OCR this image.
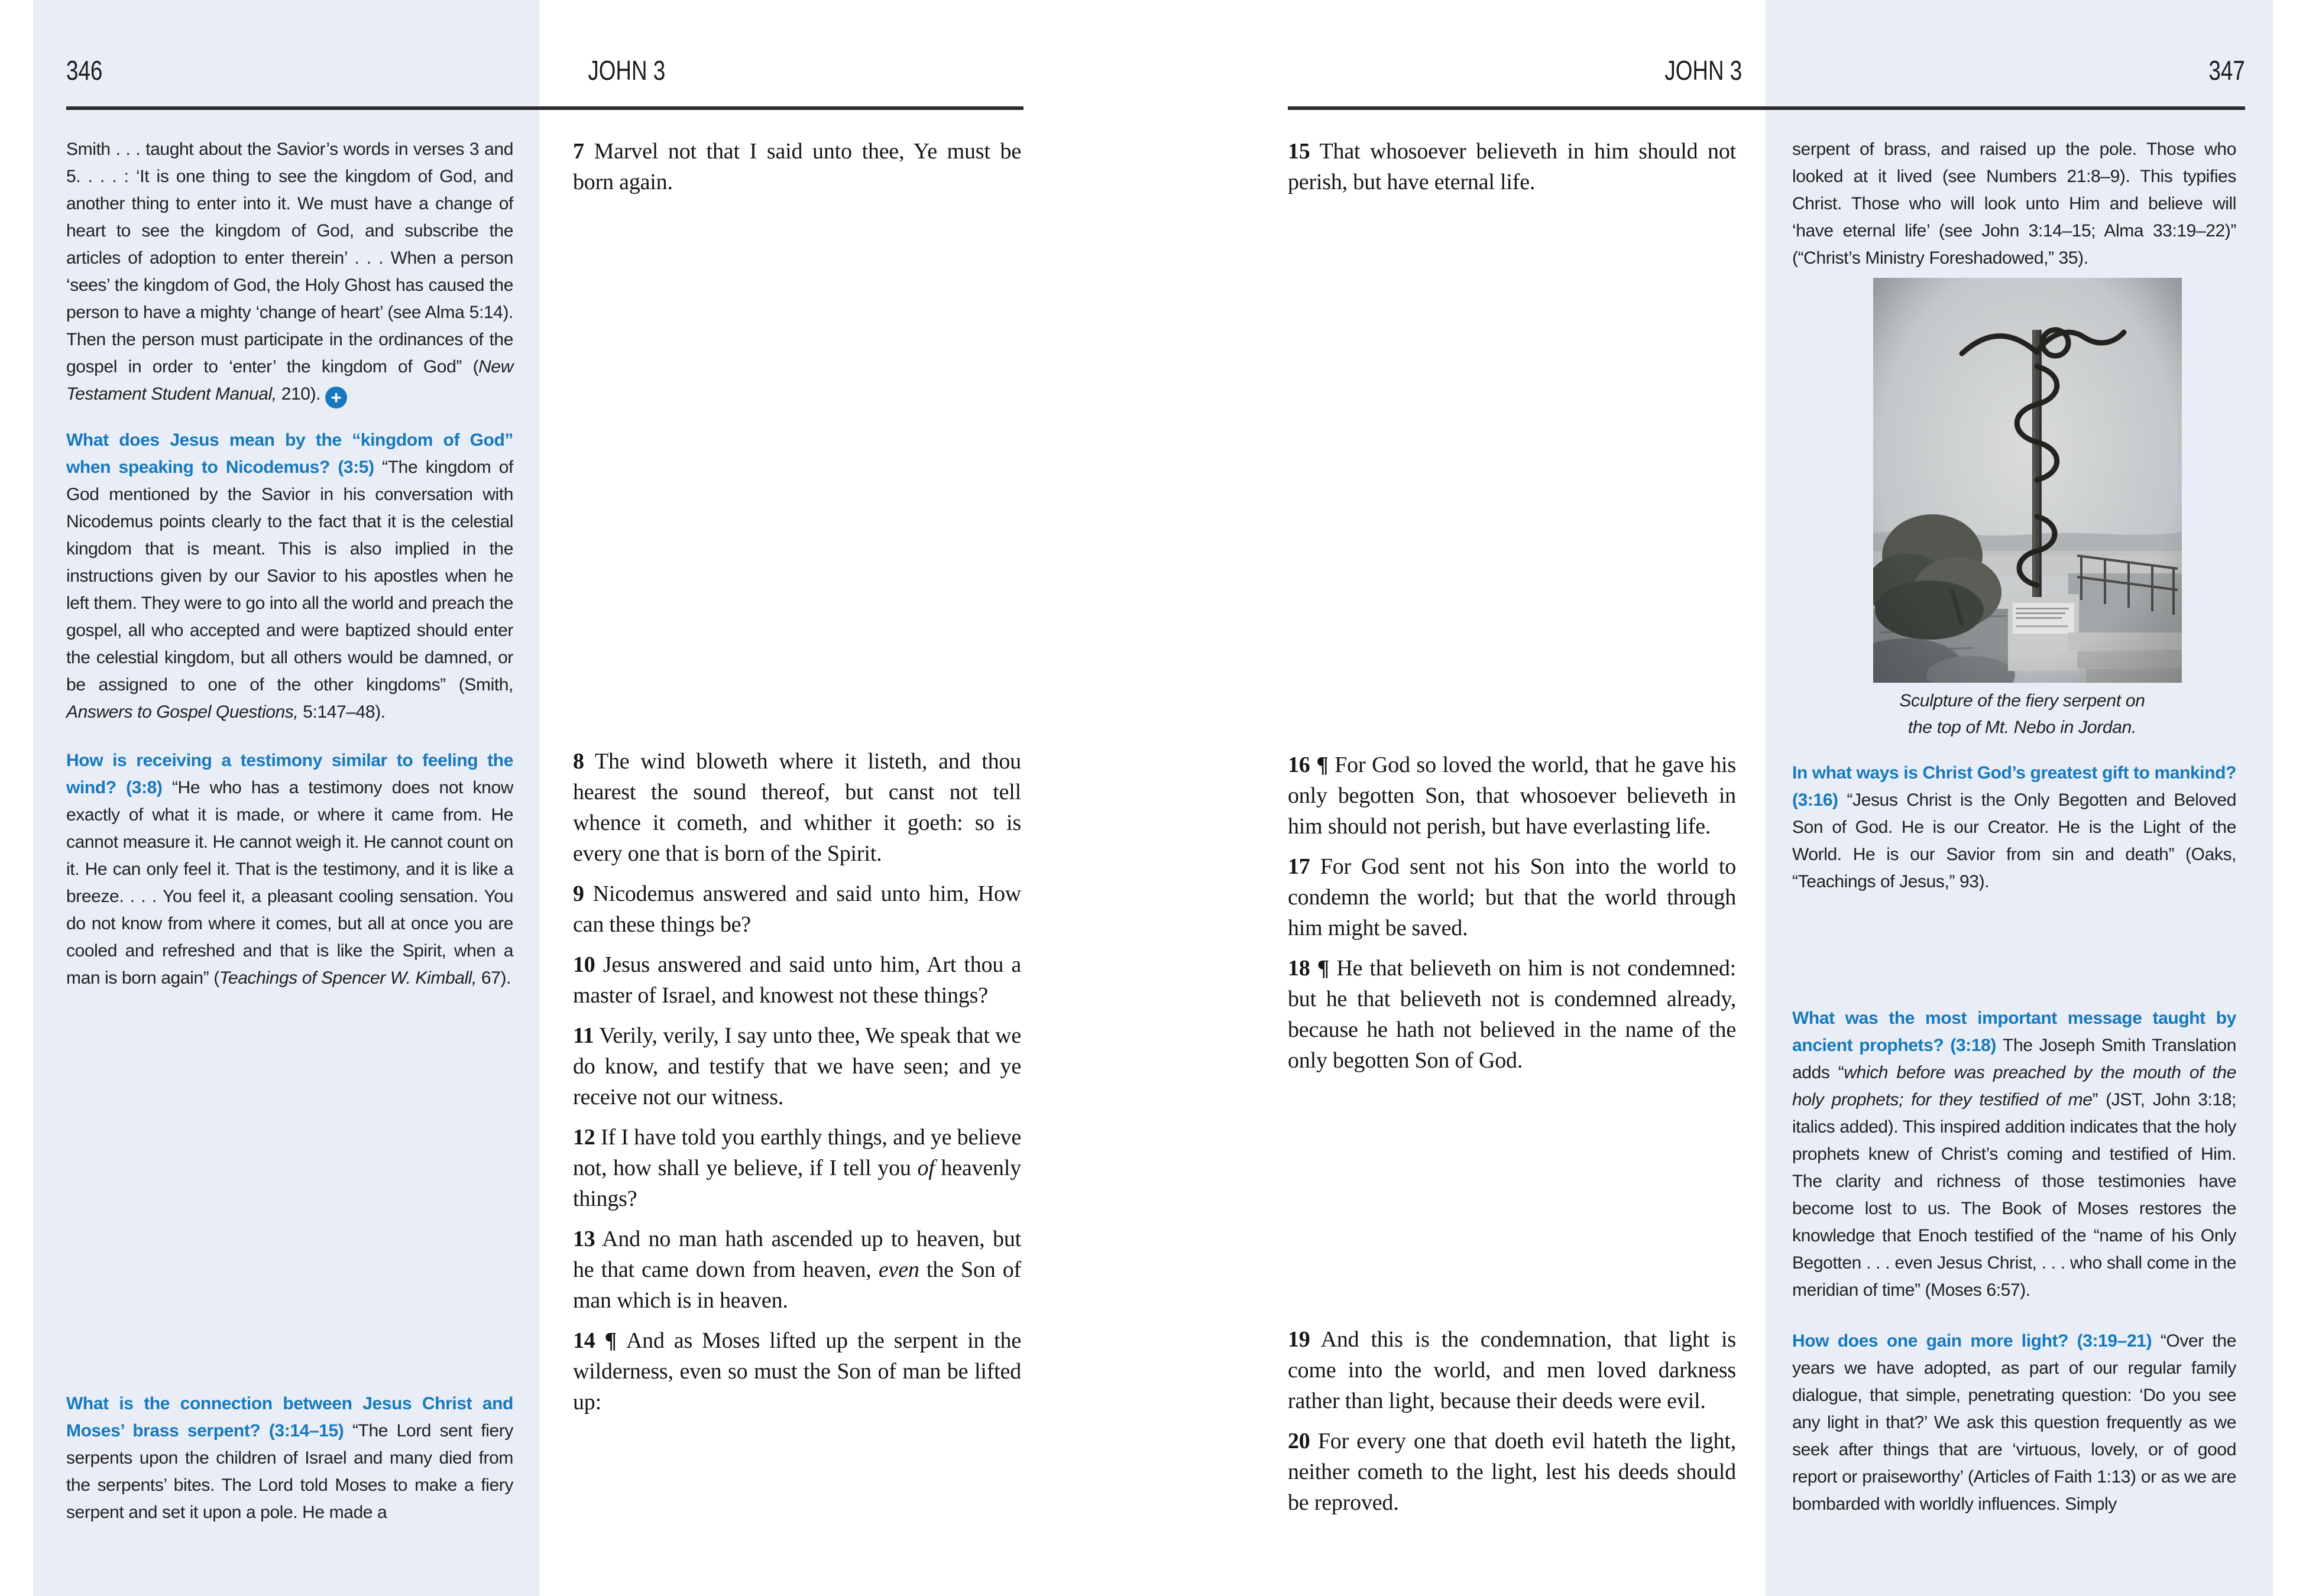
346	JOHN 3	JOHN 3	347
Smith . . . taught about the Savior’s words in verses 3 and 5. . . . : ‘It is one thing to see the kingdom of God, and another thing to enter into it. We must have a change of heart to see the kingdom of God, and subscribe the articles of adoption to enter therein’ . . . When a person ‘sees’ the kingdom of God, the Holy Ghost has caused the person to have a mighty ‘change of heart’ (see Alma 5:14). Then the person must participate in the ordinances of the gospel in order to ‘enter’ the kingdom of God” (New Testament Student Manual, 210). +
What does Jesus mean by the “kingdom of God” when speaking to Nicodemus? (3:5) “The kingdom of God mentioned by the Savior in his conversation with Nicodemus points clearly to the fact that it is the celestial kingdom that is meant. This is also implied in the instructions given by our Savior to his apostles when he left them. They were to go into all the world and preach the gospel, all who accepted and were baptized should enter the celestial kingdom, but all others would be damned, or be assigned to one of the other kingdoms” (Smith, Answers to Gospel Questions, 5:147–48).
How is receiving a testimony similar to feeling the wind? (3:8) “He who has a testimony does not know exactly of what it is made, or where it came from. He cannot measure it. He cannot weigh it. He cannot count on it. He can only feel it. That is the testimony, and it is like a breeze. . . . You feel it, a pleasant cooling sensation. You do not know from where it comes, but all at once you are cooled and refreshed and that is like the Spirit, when a man is born again” (Teachings of Spencer W. Kimball, 67).
What is the connection between Jesus Christ and Moses’ brass serpent? (3:14–15) “The Lord sent fiery serpents upon the children of Israel and many died from the serpents’ bites. The Lord told Moses to make a fiery serpent and set it upon a pole. He made a

7 Marvel not that I said unto thee, Ye must be born again.

8 The wind bloweth where it listeth, and thou hearest the sound thereof, but canst not tell whence it cometh, and whither it goeth: so is every one that is born of the Spirit.

9 Nicodemus answered and said unto him, How can these things be?

10 Jesus answered and said unto him, Art thou a master of Israel, and knowest not these things?

11 Verily, verily, I say unto thee, We speak that we do know, and testify that we have seen; and ye receive not our witness.

12 If I have told you earthly things, and ye believe not, how shall ye believe, if I tell you of heavenly things?

13 And no man hath ascended up to heaven, but he that came down from heaven, even the Son of man which is in heaven.

14 ¶ And as Moses lifted up the serpent in the wilderness, even so must the Son of man be lifted up:

15 That whosoever believeth in him should not perish, but have eternal life.

16 ¶ For God so loved the world, that he gave his only begotten Son, that whosoever believeth in him should not perish, but have everlasting life.

17 For God sent not his Son into the world to condemn the world; but that the world through him might be saved.

18 ¶ He that believeth on him is not condemned: but he that believeth not is condemned already, because he hath not believed in the name of the only begotten Son of God.

19 And this is the condemnation, that light is come into the world, and men loved darkness rather than light, because their deeds were evil.

20 For every one that doeth evil hateth the light, neither cometh to the light, lest his deeds should be reproved.

serpent of brass, and raised up the pole. Those who looked at it lived (see Numbers 21:8–9). This typifies Christ. Those who will look unto Him and believe will ‘have eternal life’ (see John 3:14–15; Alma 33:19–22)” (“Christ’s Ministry Foreshadowed,” 35).
Sculpture of the fiery serpent on the top of Mt. Nebo in Jordan.
In what ways is Christ God’s greatest gift to mankind? (3:16) “Jesus Christ is the Only Begotten and Beloved Son of God. He is our Creator. He is the Light of the World. He is our Savior from sin and death” (Oaks, “Teachings of Jesus,” 93).
What was the most important message taught by ancient prophets? (3:18) The Joseph Smith Translation adds “which before was preached by the mouth of the holy prophets; for they testified of me” (JST, John 3:18; italics added). This inspired addition indicates that the holy prophets knew of Christ’s coming and testified of Him. The clarity and richness of those testimonies have become lost to us. The Book of Moses restores the knowledge that Enoch testified of the “name of his Only Begotten . . . even Jesus Christ, . . . who shall come in the meridian of time” (Moses 6:57).
How does one gain more light? (3:19–21) “Over the years we have adopted, as part of our regular family dialogue, that simple, penetrating question: ‘Do you see any light in that?’ We ask this question frequently as we seek after things that are ‘virtuous, lovely, or of good report or praiseworthy’ (Articles of Faith 1:13) or as we are bombarded with worldly influences. Simply
